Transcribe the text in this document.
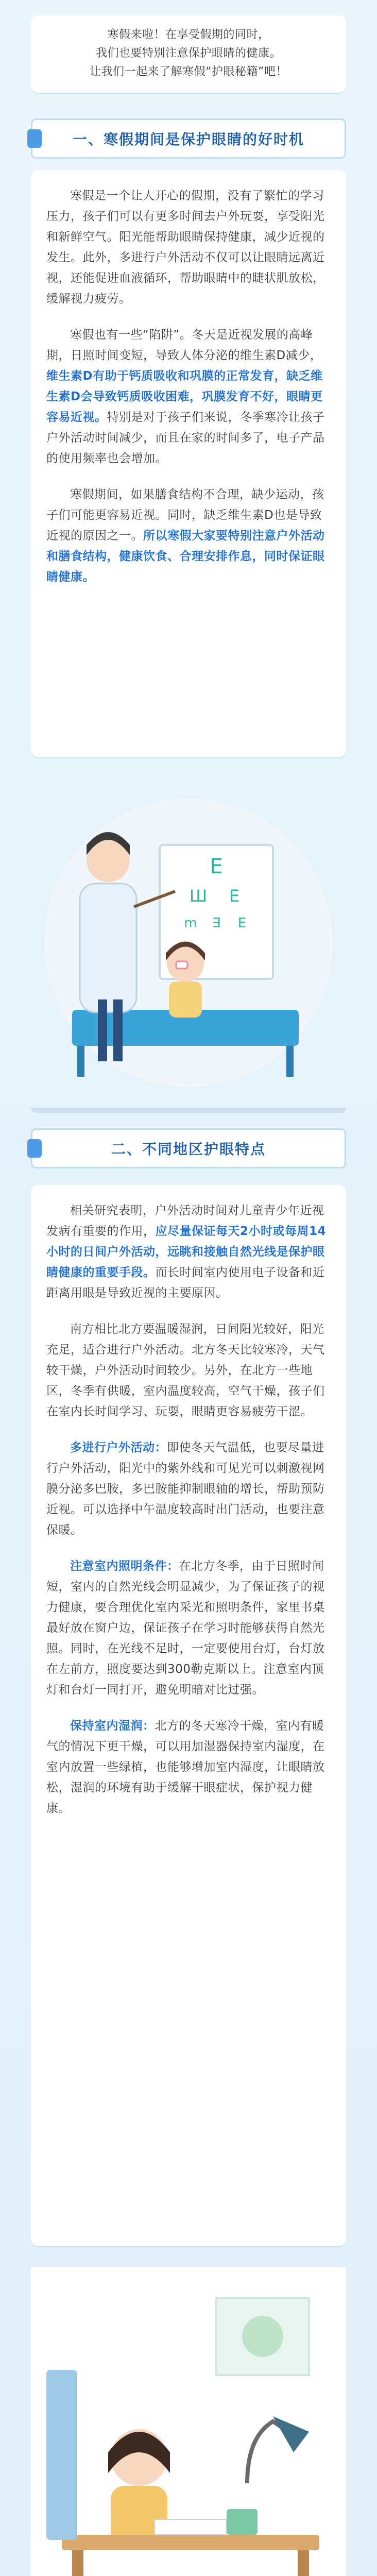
寒假来啦！在享受假期的同时，

我们也要特别注意保护眼睛的健康。

让我们一起来了解寒假“护眼秘籍”吧！

一、寒假期间是保护眼睛的好时机

寒假是一个让人开心的假期，没有了繁忙的学习压力，孩子们可以有更多时间去户外玩耍，享受阳光和新鲜空气。阳光能帮助眼睛保持健康，减少近视的发生。此外，多进行户外活动不仅可以让眼睛远离近视，还能促进血液循环，帮助眼睛中的睫状肌放松，缓解视力疲劳。

寒假也有一些“陷阱”。冬天是近视发展的高峰期，日照时间变短，导致人体分泌的维生素D减少，维生素D有助于钙质吸收和巩膜的正常发育，缺乏维生素D会导致钙质吸收困难，巩膜发育不好，眼睛更容易近视。特别是对于孩子们来说，冬季寒冷让孩子户外活动时间减少，而且在家的时间多了，电子产品的使用频率也会增加。

寒假期间，如果膳食结构不合理，缺少运动，孩子们可能更容易近视。同时，缺乏维生素D也是导致近视的原因之一。所以寒假大家要特别注意户外活动和膳食结构，健康饮食、合理安排作息，同时保证眼睛健康。

E
Ш E
m ∃ E
二、不同地区护眼特点

相关研究表明，户外活动时间对儿童青少年近视发病有重要的作用，应尽量保证每天2小时或每周14小时的日间户外活动，远眺和接触自然光线是保护眼睛健康的重要手段。而长时间室内使用电子设备和近距离用眼是导致近视的主要原因。

南方相比北方要温暖湿润，日间阳光较好，阳光充足，适合进行户外活动。北方冬天比较寒冷，天气较干燥，户外活动时间较少。另外，在北方一些地区，冬季有供暖，室内温度较高，空气干燥，孩子们在室内长时间学习、玩耍，眼睛更容易疲劳干涩。

多进行户外活动：即使冬天气温低，也要尽量进行户外活动，阳光中的紫外线和可见光可以刺激视网膜分泌多巴胺，多巴胺能抑制眼轴的增长，帮助预防近视。可以选择中午温度较高时出门活动，也要注意保暖。

注意室内照明条件：在北方冬季，由于日照时间短，室内的自然光线会明显减少，为了保证孩子的视力健康，要合理优化室内采光和照明条件，家里书桌最好放在窗户边，保证孩子在学习时能够获得自然光照。同时，在光线不足时，一定要使用台灯，台灯放在左前方，照度要达到300勒克斯以上。注意室内顶灯和台灯一同打开，避免明暗对比过强。

保持室内湿润：北方的冬天寒冷干燥，室内有暖气的情况下更干燥，可以用加湿器保持室内湿度，在室内放置一些绿植，也能够增加室内湿度，让眼睛放松，湿润的环境有助于缓解干眼症状，保护视力健康。
